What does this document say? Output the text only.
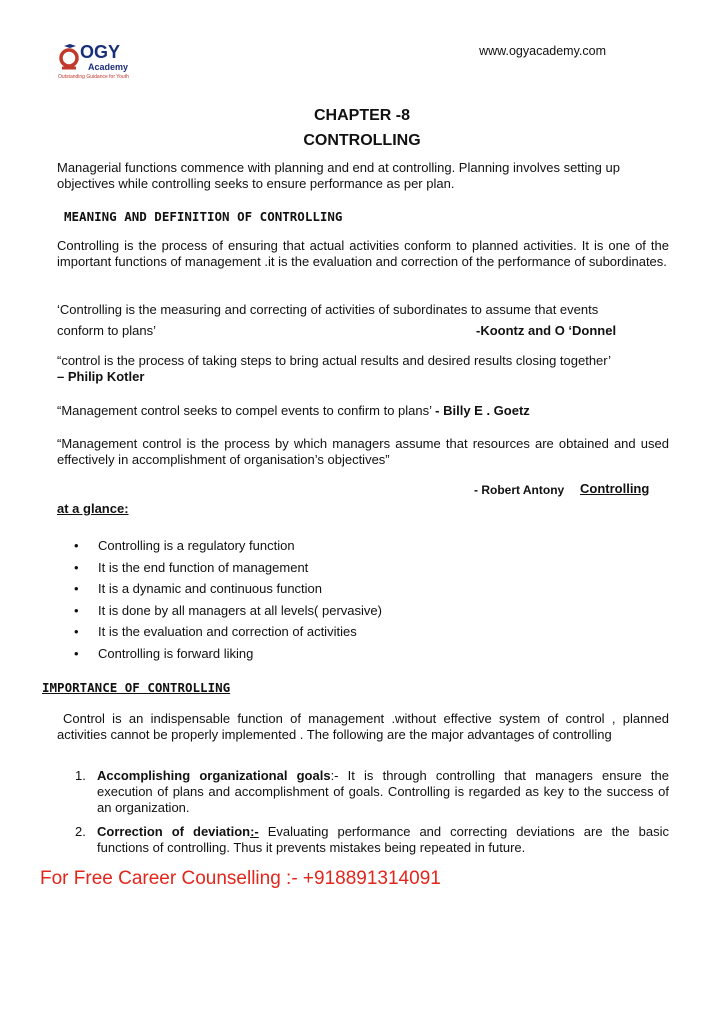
OGY
Academy
Outstanding Guidance for Youth
www.ogyacademy.com
CHAPTER -8
CONTROLLING
Managerial functions commence with planning and end at controlling. Planning involves setting up objectives while controlling seeks to ensure performance as per plan.
MEANING AND DEFINITION OF CONTROLLING
Controlling is the process of ensuring that actual activities conform to planned activities. It is one of the important functions of management .it is the evaluation and correction of the performance of subordinates.
‘Controlling is the measuring and correcting of activities of subordinates to assume that events
conform to plans’	-Koontz and O ‘Donnel
“control is the process of taking steps to bring actual results and desired results closing together’
– Philip Kotler
“Management control seeks to compel events to confirm to plans’ - Billy E . Goetz
“Management control is the process by which managers assume that resources are obtained and used effectively in accomplishment of organisation’s objectives”
- Robert Antony Controlling
at a glance:
• Controlling is a regulatory function
• It is the end function of management
• It is a dynamic and continuous function
• It is done by all managers at all levels( pervasive)
• It is the evaluation and correction of activities
• Controlling is forward liking
IMPORTANCE OF CONTROLLING
Control is an indispensable function of management .without effective system of control , planned activities cannot be properly implemented . The following are the major advantages of controlling
1. Accomplishing organizational goals:- It is through controlling that managers ensure the execution of plans and accomplishment of goals. Controlling is regarded as key to the success of an organization.
2. Correction of deviation:- Evaluating performance and correcting deviations are the basic functions of controlling. Thus it prevents mistakes being repeated in future.
For Free Career Counselling :- +918891314091
